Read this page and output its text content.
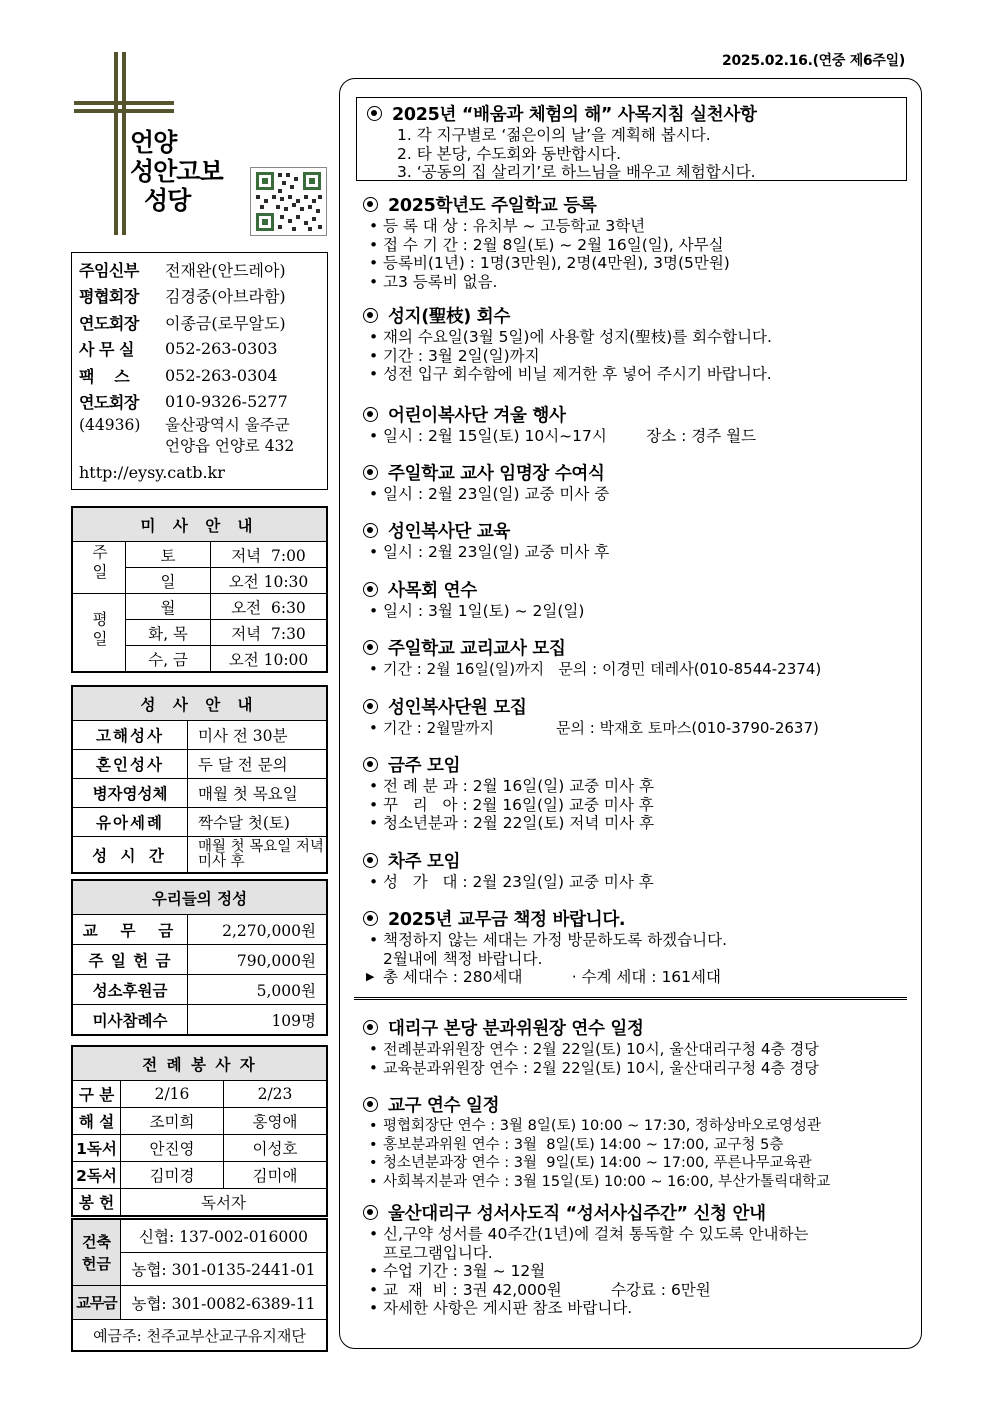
2025.02.16.(연중 제6주일)
언양
성안고보
성당
주임신부	전재완(안드레아)
평협회장	김경중(아브라함)
연도회장	이종금(로무알도)
사 무 실	052-263-0303
팩    스	052-263-0304
연도회장	010-9326-5277
(44936)	울산광역시 울주군
언양읍 언양로 432
http://eysy.catb.kr
미 사 안 내		
주일	토	저녁  7:00
	일	오전 10:30
평일	월	오전  6:30
	화, 목	저녁  7:30
	수, 금	오전 10:00
성 사 안 내	
고해성사	미사 전 30분
혼인성사	두 달 전 문의
병자영성체	매월 첫 목요일
유아세례	짝수달 첫(토)
성 시 간	매월 첫 목요일 저녁미사 후
우리들의 정성	
교  무  금	2,270,000원
주 일 헌 금	790,000원
성소후원금	5,000원
미사참례수	109명
전 례 봉 사 자		
구 분	2/16	2/23
해 설	조미희	홍영애
1독서	안진영	이성호
2독서	김미경	김미애
봉 헌	독서자	
건축헌금	신협: 137-002-016000
	농협: 301-0135-2441-01
교무금	농협: 301-0082-6389-11
예금주: 천주교부산교구유지재단	
2025년 “배움과 체험의 해” 사목지침 실천사항
1. 각 지구별로 ‘젊은이의 날’을 계획해 봅시다.
2. 타 본당, 수도회와 동반합시다.
3. ‘공동의 집 살리기’로 하느님을 배우고 체험합시다.
2025학년도 주일학교 등록
• 등 록 대 상 : 유치부 ~ 고등학교 3학년
• 접 수 기 간 : 2월 8일(토) ~ 2월 16일(일), 사무실
• 등록비(1년) : 1명(3만원), 2명(4만원), 3명(5만원)
• 고3 등록비 없음.
성지(聖枝) 회수
• 재의 수요일(3월 5일)에 사용할 성지(聖枝)를 회수합니다.
• 기간 : 3월 2일(일)까지
• 성전 입구 회수함에 비닐 제거한 후 넣어 주시기 바랍니다.
어린이복사단 겨울 행사
• 일시 : 2월 15일(토) 10시~17시        장소 : 경주 월드
주일학교 교사 임명장 수여식
• 일시 : 2월 23일(일) 교중 미사 중
성인복사단 교육
• 일시 : 2월 23일(일) 교중 미사 후
사목회 연수
• 일시 : 3월 1일(토) ~ 2일(일)
주일학교 교리교사 모집
• 기간 : 2월 16일(일)까지   문의 : 이경민 데레사(010-8544-2374)
성인복사단원 모집
• 기간 : 2월말까지             문의 : 박재호 토마스(010-3790-2637)
금주 모임
• 전 례 분 과 : 2월 16일(일) 교중 미사 후
• 꾸   리   아 : 2월 16일(일) 교중 미사 후
• 청소년분과 : 2월 22일(토) 저녁 미사 후
차주 모임
• 성   가   대 : 2월 23일(일) 교중 미사 후
2025년 교무금 책정 바랍니다.
• 책정하지 않는 세대는 가정 방문하도록 하겠습니다.
2월내에 책정 바랍니다.
▶ 총 세대수 : 280세대          · 수계 세대 : 161세대
대리구 본당 분과위원장 연수 일정
• 전례분과위원장 연수 : 2월 22일(토) 10시, 울산대리구청 4층 경당
• 교육분과위원장 연수 : 2월 22일(토) 10시, 울산대리구청 4층 경당
교구 연수 일정
• 평협회장단 연수 : 3월 8일(토) 10:00 ~ 17:30, 정하상바오로영성관
• 홍보분과위원 연수 : 3월  8일(토) 14:00 ~ 17:00, 교구청 5층
• 청소년분과장 연수 : 3월  9일(토) 14:00 ~ 17:00, 푸른나무교육관
• 사회복지분과 연수 : 3월 15일(토) 10:00 ~ 16:00, 부산가톨릭대학교
울산대리구 성서사도직 “성서사십주간” 신청 안내
• 신,구약 성서를 40주간(1년)에 걸쳐 통독할 수 있도록 안내하는
프로그램입니다.
• 수업 기간 : 3월 ~ 12월
• 교  재  비 : 3권 42,000원          수강료 : 6만원
• 자세한 사항은 게시판 참조 바랍니다.
